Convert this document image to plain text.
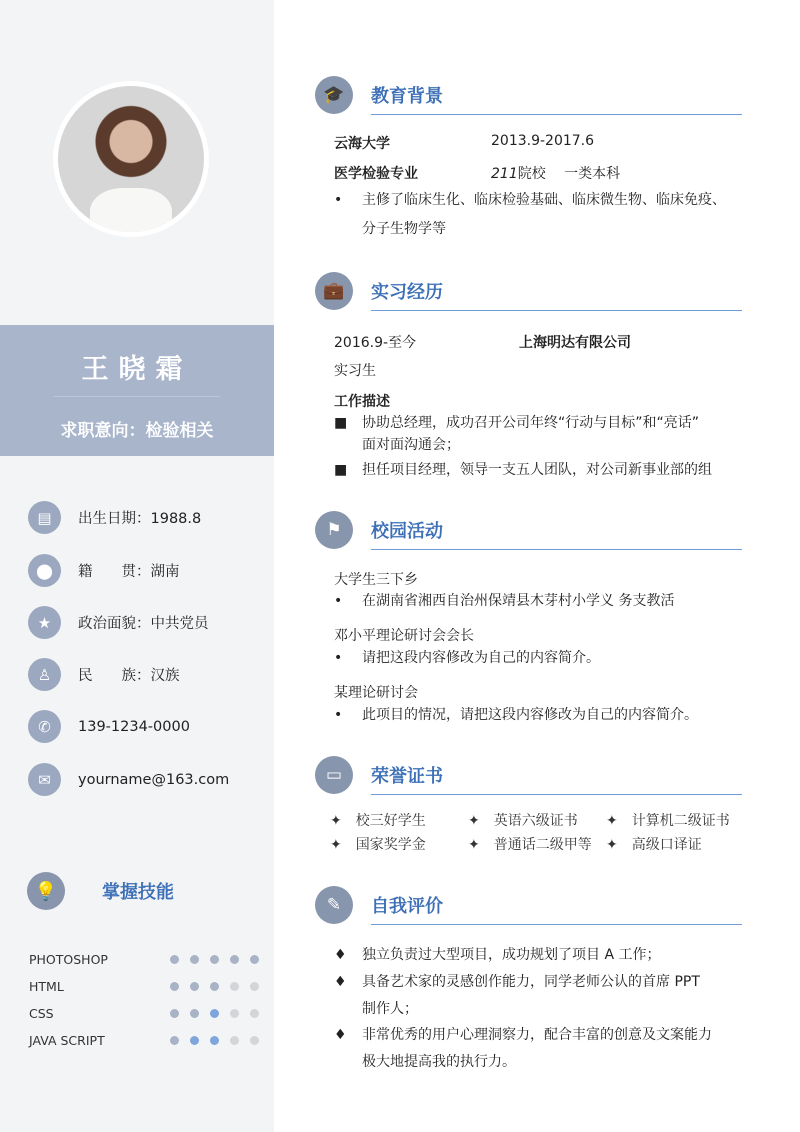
王晓霜
求职意向：检验相关
▤	出生日期：1988.8
⬤	籍　　贯：湖南
★	政治面貌：中共党员
♙	民　　族：汉族
✆	139-1234-0000
✉	yourname@163.com
💡	掌握技能
PHOTOSHOP
HTML
CSS
JAVA SCRIPT
🎓	教育背景
云海大学	2013.9-2017.6
医学检验专业	211院校　 一类本科
•	主修了临床生化、临床检验基础、临床微生物、临床免疫、
分子生物学等
💼	实习经历
2016.9-至今	上海明达有限公司
实习生
工作描述
■	协助总经理，成功召开公司年终“行动与目标”和“亮话”
面对面沟通会；
■	担任项目经理，领导一支五人团队，对公司新事业部的组
⚑	校园活动
大学生三下乡
•	在湖南省湘西自治州保靖县木芽村小学义 务支教活
邓小平理论研讨会会长
•	请把这段内容修改为自己的内容简介。
某理论研讨会
•	此项目的情况，请把这段内容修改为自己的内容简介。
▭	荣誉证书
✦ 校三好学生	✦ 英语六级证书 ✦ 计算机二级证书
✦ 国家奖学金	✦ 普通话二级甲等 ✦ 高级口译证
✎	自我评价
♦	独立负责过大型项目，成功规划了项目 A 工作；
♦	具备艺术家的灵感创作能力，同学老师公认的首席 PPT
制作人；
♦	非常优秀的用户心理洞察力，配合丰富的创意及文案能力
极大地提高我的执行力。
